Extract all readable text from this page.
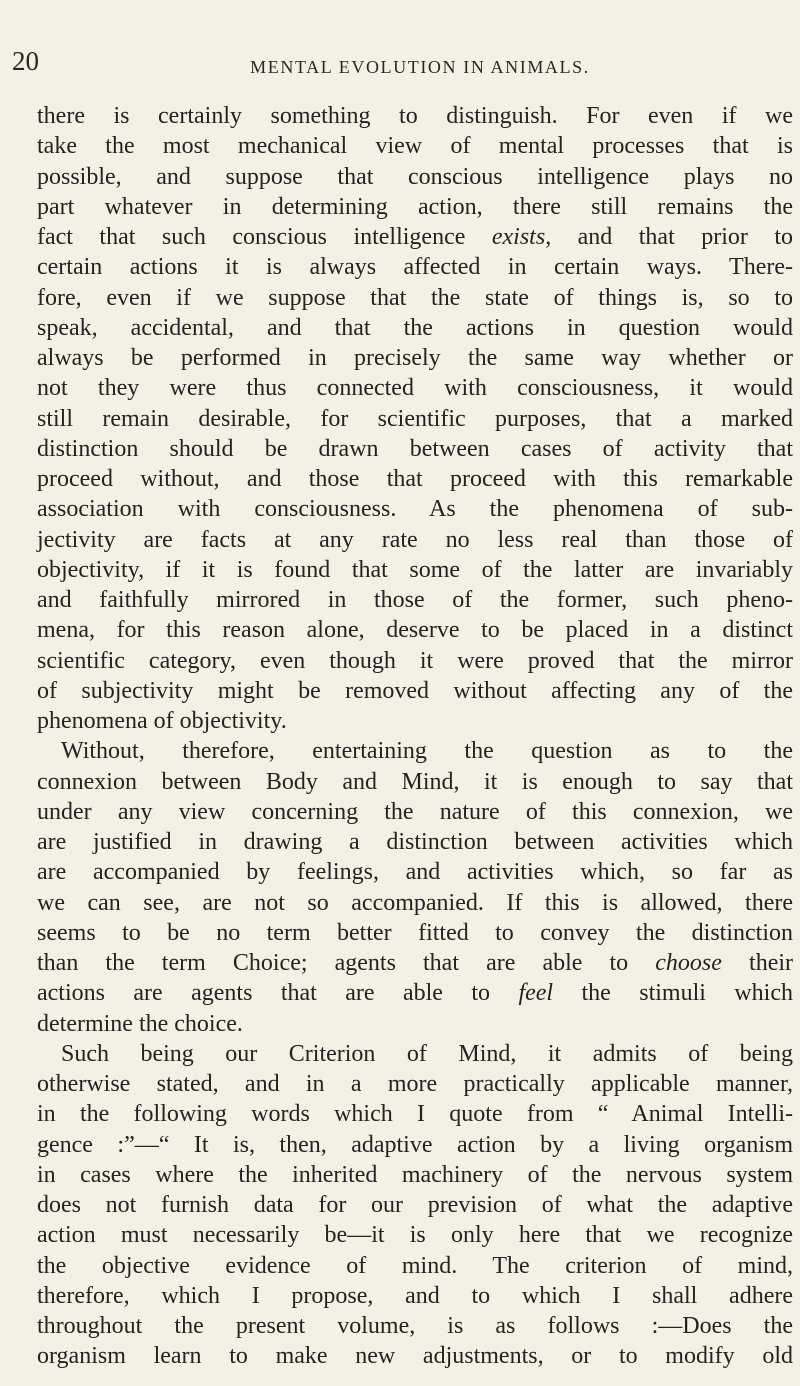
20	MENTAL EVOLUTION IN ANIMALS.

there is certainly something to distinguish. For even if we
take the most mechanical view of mental processes that is
possible, and suppose that conscious intelligence plays no
part whatever in determining action, there still remains the
fact that such conscious intelligence exists, and that prior to
certain actions it is always affected in certain ways. There-
fore, even if we suppose that the state of things is, so to
speak, accidental, and that the actions in question would
always be performed in precisely the same way whether or
not they were thus connected with consciousness, it would
still remain desirable, for scientific purposes, that a marked
distinction should be drawn between cases of activity that
proceed without, and those that proceed with this remarkable
association with consciousness. As the phenomena of sub-
jectivity are facts at any rate no less real than those of
objectivity, if it is found that some of the latter are invariably
and faithfully mirrored in those of the former, such pheno-
mena, for this reason alone, deserve to be placed in a distinct
scientific category, even though it were proved that the mirror
of subjectivity might be removed without affecting any of the
phenomena of objectivity.
Without, therefore, entertaining the question as to the
connexion between Body and Mind, it is enough to say that
under any view concerning the nature of this connexion, we
are justified in drawing a distinction between activities which
are accompanied by feelings, and activities which, so far as
we can see, are not so accompanied. If this is allowed, there
seems to be no term better fitted to convey the distinction
than the term Choice; agents that are able to choose their
actions are agents that are able to feel the stimuli which
determine the choice.
Such being our Criterion of Mind, it admits of being
otherwise stated, and in a more practically applicable manner,
in the following words which I quote from “ Animal Intelli-
gence :”—“ It is, then, adaptive action by a living organism
in cases where the inherited machinery of the nervous system
does not furnish data for our prevision of what the adaptive
action must necessarily be—it is only here that we recognize
the objective evidence of mind. The criterion of mind,
therefore, which I propose, and to which I shall adhere
throughout the present volume, is as follows :—Does the
organism learn to make new adjustments, or to modify old
